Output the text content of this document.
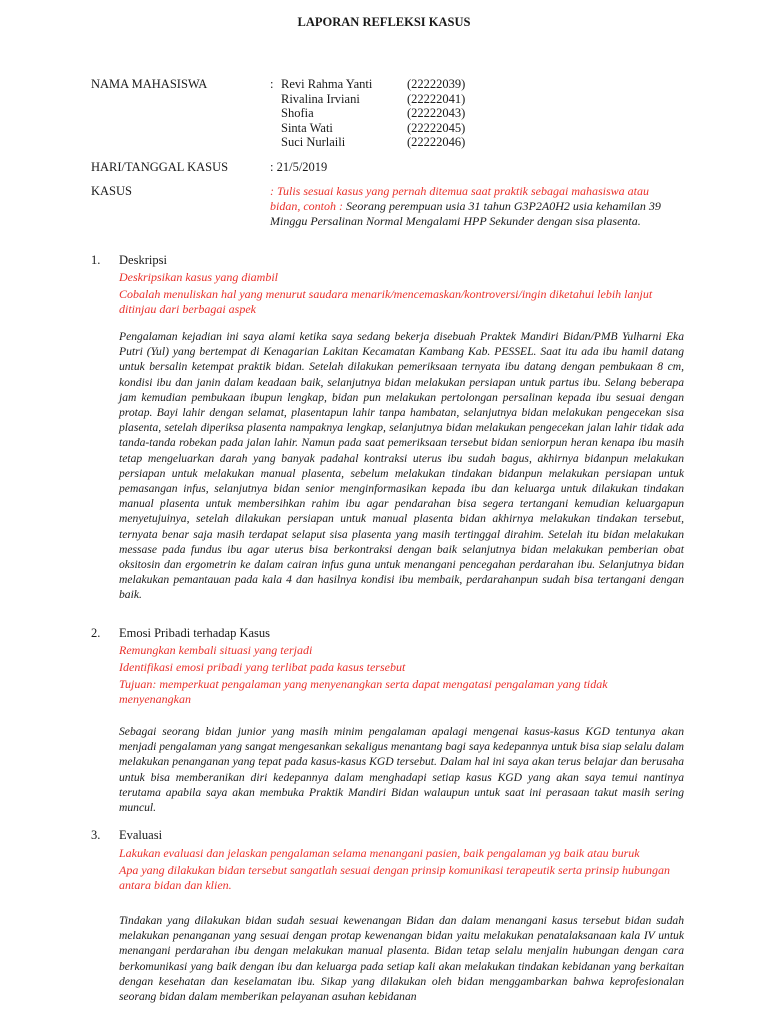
LAPORAN REFLEKSI KASUS
NAMA MAHASISWA	: Revi Rahma Yanti	(22222039)
Rivalina Irviani	(22222041)
Shofia	(22222043)
Sinta Wati	(22222045)
Suci Nurlaili	(22222046)
HARI/TANGGAL KASUS	: 21/5/2019
KASUS	: Tulis sesuai kasus yang pernah ditemua saat praktik sebagai mahasiswa atau
bidan, contoh : Seorang perempuan usia 31 tahun G3P2A0H2 usia kehamilan 39
Minggu Persalinan Normal Mengalami HPP Sekunder dengan sisa plasenta.
1. Deskripsi
Deskripsikan kasus yang diambil
Cobalah menuliskan hal yang menurut saudara menarik/mencemaskan/kontroversi/ingin diketahui lebih lanjut
ditinjau dari berbagai aspek

Pengalaman kejadian ini saya alami ketika saya sedang bekerja disebuah Praktek Mandiri Bidan/PMB Yulharni Eka Putri (Yul) yang bertempat di Kenagarian Lakitan Kecamatan Kambang Kab. PESSEL. Saat itu ada ibu hamil datang untuk bersalin ketempat praktik bidan. Setelah dilakukan pemeriksaan ternyata ibu datang dengan pembukaan 8 cm, kondisi ibu dan janin dalam keadaan baik, selanjutnya bidan melakukan persiapan untuk partus ibu. Selang beberapa jam kemudian pembukaan ibupun lengkap, bidan pun melakukan pertolongan persalinan kepada ibu sesuai dengan protap. Bayi lahir dengan selamat, plasentapun lahir tanpa hambatan, selanjutnya bidan melakukan pengecekan sisa plasenta, setelah diperiksa plasenta nampaknya lengkap, selanjutnya bidan melakukan pengecekan jalan lahir tidak ada tanda-tanda robekan pada jalan lahir. Namun pada saat pemeriksaan tersebut bidan seniorpun heran kenapa ibu masih tetap mengeluarkan darah yang banyak padahal kontraksi uterus ibu sudah bagus, akhirnya bidanpun melakukan persiapan untuk melakukan manual plasenta, sebelum melakukan tindakan bidanpun melakukan persiapan untuk pemasangan infus, selanjutnya bidan senior menginformasikan kepada ibu dan keluarga untuk dilakukan tindakan manual plasenta untuk membersihkan rahim ibu agar pendarahan bisa segera tertangani kemudian keluargapun menyetujuinya, setelah dilakukan persiapan untuk manual plasenta bidan akhirnya melakukan tindakan tersebut, ternyata benar saja masih terdapat selaput sisa plasenta yang masih tertinggal dirahim. Setelah itu bidan melakukan messase pada fundus ibu agar uterus bisa berkontraksi dengan baik selanjutnya bidan melakukan pemberian obat oksitosin dan ergometrin ke dalam cairan infus guna untuk menangani pencegahan perdarahan ibu. Selanjutnya bidan melakukan pemantauan pada kala 4 dan hasilnya kondisi ibu membaik, perdarahanpun sudah bisa tertangani dengan baik.

2. Emosi Pribadi terhadap Kasus
Remungkan kembali situasi yang terjadi
Identifikasi emosi pribadi yang terlibat pada kasus tersebut
Tujuan: memperkuat pengalaman yang menyenangkan serta dapat mengatasi pengalaman yang tidak
menyenangkan

Sebagai seorang bidan junior yang masih minim pengalaman apalagi mengenai kasus-kasus KGD tentunya akan menjadi pengalaman yang sangat mengesankan sekaligus menantang bagi saya kedepannya untuk bisa siap selalu dalam melakukan penanganan yang tepat pada kasus-kasus KGD tersebut. Dalam hal ini saya akan terus belajar dan berusaha untuk bisa memberanikan diri kedepannya dalam menghadapi setiap kasus KGD yang akan saya temui nantinya terutama apabila saya akan membuka Praktik Mandiri Bidan walaupun untuk saat ini perasaan takut masih sering muncul.

3. Evaluasi
Lakukan evaluasi dan jelaskan pengalaman selama menangani pasien, baik pengalaman yg baik atau buruk
Apa yang dilakukan bidan tersebut sangatlah sesuai dengan prinsip komunikasi terapeutik serta prinsip hubungan
antara bidan dan klien.

Tindakan yang dilakukan bidan sudah sesuai kewenangan Bidan dan dalam menangani kasus tersebut bidan sudah melakukan penanganan yang sesuai dengan protap kewenangan bidan yaitu melakukan penatalaksanaan kala IV untuk menangani perdarahan ibu dengan melakukan manual plasenta. Bidan tetap selalu menjalin hubungan dengan cara berkomunikasi yang baik dengan ibu dan keluarga pada setiap kali akan melakukan tindakan kebidanan yang berkaitan dengan kesehatan dan keselamatan ibu. Sikap yang dilakukan oleh bidan menggambarkan bahwa keprofesionalan seorang bidan dalam memberikan pelayanan asuhan kebidanan
